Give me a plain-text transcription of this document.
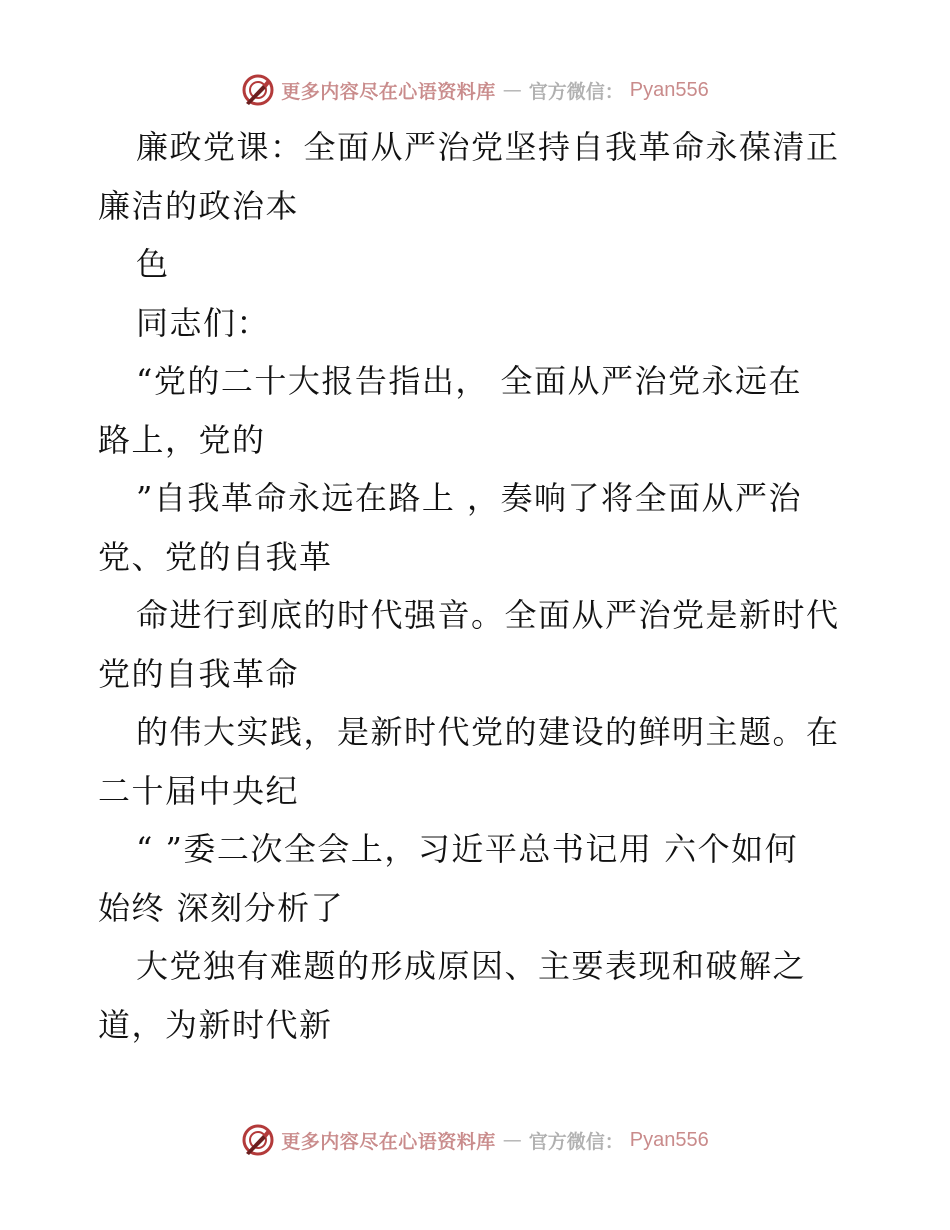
更多内容尽在心语资料库 — 官方微信： Pyan556
廉政党课：全面从严治党坚持自我革命永葆清正
廉洁的政治本
色
同志们：
“党的二十大报告指出， 全面从严治党永远在
路上，党的
”自我革命永远在路上 ，奏响了将全面从严治
党、党的自我革
命进行到底的时代强音。全面从严治党是新时代
党的自我革命
的伟大实践，是新时代党的建设的鲜明主题。在
二十届中央纪
“ ”委二次全会上，习近平总书记用 六个如何
始终 深刻分析了
大党独有难题的形成原因、主要表现和破解之
道，为新时代新
更多内容尽在心语资料库 — 官方微信： Pyan556
